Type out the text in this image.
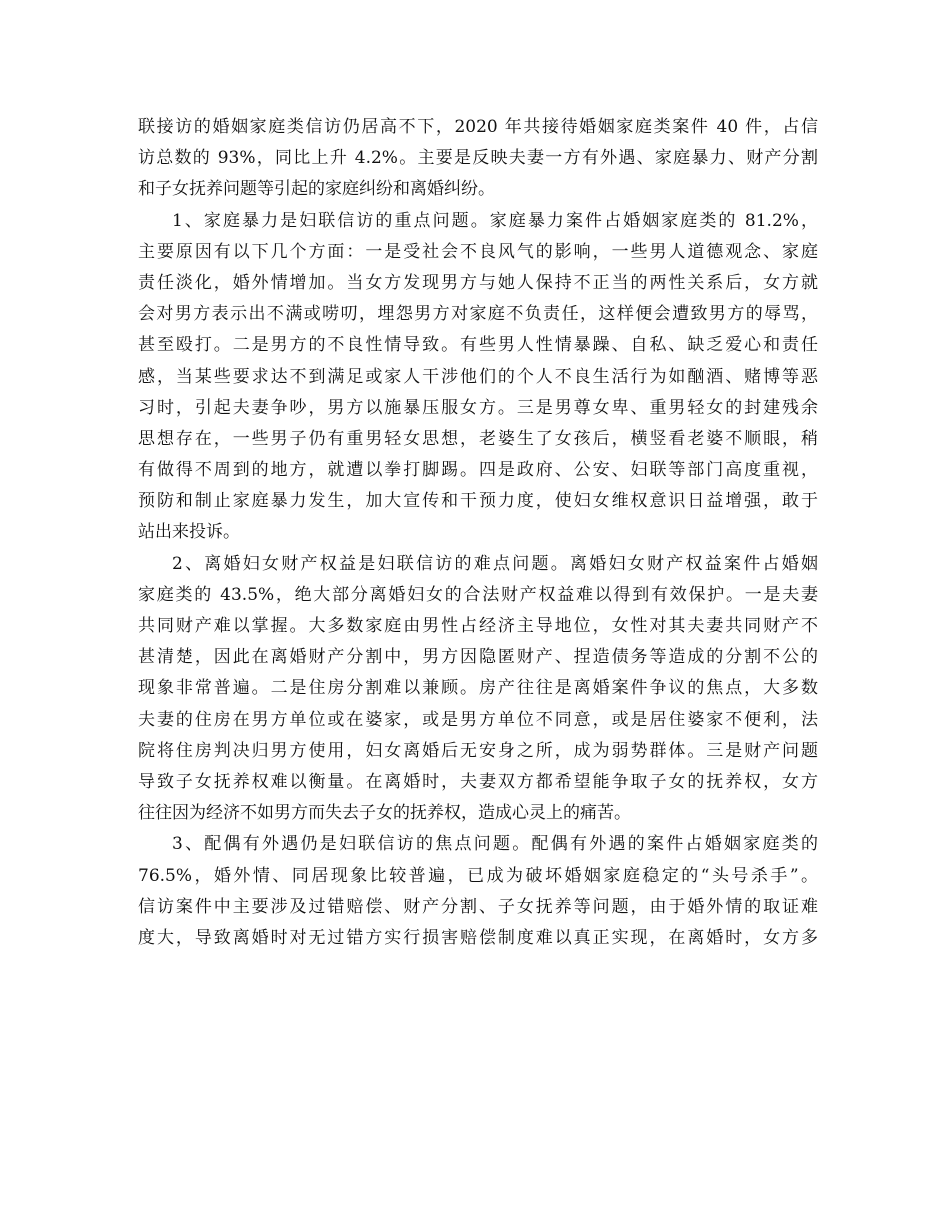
联接访的婚姻家庭类信访仍居高不下，2020 年共接待婚姻家庭类案件 40 件，占信
访总数的 93%，同比上升 4.2%。主要是反映夫妻一方有外遇、家庭暴力、财产分割
和子女抚养问题等引起的家庭纠纷和离婚纠纷。
1、家庭暴力是妇联信访的重点问题。家庭暴力案件占婚姻家庭类的 81.2%，
主要原因有以下几个方面：一是受社会不良风气的影响，一些男人道德观念、家庭
责任淡化，婚外情增加。当女方发现男方与她人保持不正当的两性关系后，女方就
会对男方表示出不满或唠叨，埋怨男方对家庭不负责任，这样便会遭致男方的辱骂，
甚至殴打。二是男方的不良性情导致。有些男人性情暴躁、自私、缺乏爱心和责任
感，当某些要求达不到满足或家人干涉他们的个人不良生活行为如酗酒、赌博等恶
习时，引起夫妻争吵，男方以施暴压服女方。三是男尊女卑、重男轻女的封建残余
思想存在，一些男子仍有重男轻女思想，老婆生了女孩后，横竖看老婆不顺眼，稍
有做得不周到的地方，就遭以拳打脚踢。四是政府、公安、妇联等部门高度重视，
预防和制止家庭暴力发生，加大宣传和干预力度，使妇女维权意识日益增强，敢于
站出来投诉。
2、离婚妇女财产权益是妇联信访的难点问题。离婚妇女财产权益案件占婚姻
家庭类的 43.5%，绝大部分离婚妇女的合法财产权益难以得到有效保护。一是夫妻
共同财产难以掌握。大多数家庭由男性占经济主导地位，女性对其夫妻共同财产不
甚清楚，因此在离婚财产分割中，男方因隐匿财产、捏造债务等造成的分割不公的
现象非常普遍。二是住房分割难以兼顾。房产往往是离婚案件争议的焦点，大多数
夫妻的住房在男方单位或在婆家，或是男方单位不同意，或是居住婆家不便利，法
院将住房判决归男方使用，妇女离婚后无安身之所，成为弱势群体。三是财产问题
导致子女抚养权难以衡量。在离婚时，夫妻双方都希望能争取子女的抚养权，女方
往往因为经济不如男方而失去子女的抚养权，造成心灵上的痛苦。
3、配偶有外遇仍是妇联信访的焦点问题。配偶有外遇的案件占婚姻家庭类的
76.5%，婚外情、同居现象比较普遍，已成为破坏婚姻家庭稳定的“头号杀手”。
信访案件中主要涉及过错赔偿、财产分割、子女抚养等问题，由于婚外情的取证难
度大，导致离婚时对无过错方实行损害赔偿制度难以真正实现，在离婚时，女方多
